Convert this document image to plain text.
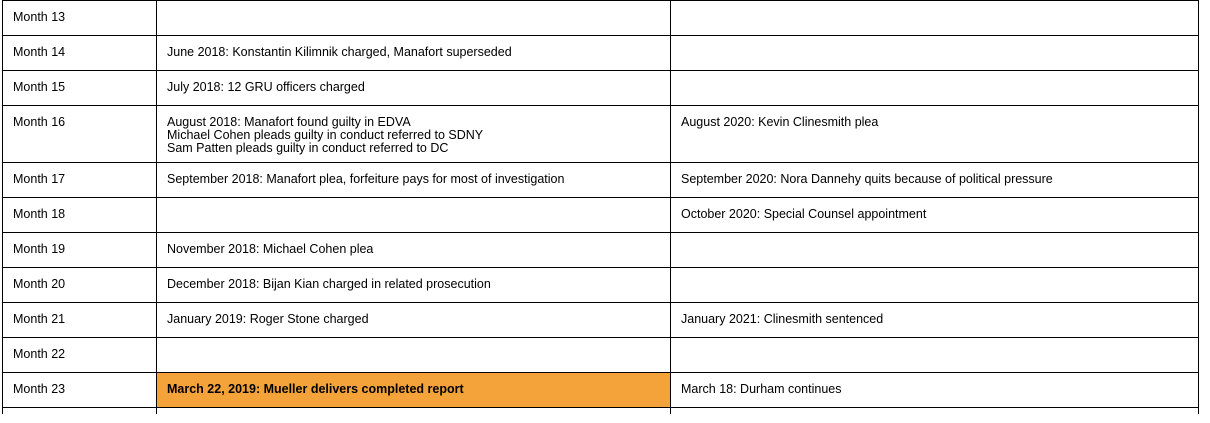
Month 13		

Month 14	June 2018: Konstantin Kilimnik charged, Manafort superseded	

Month 15	July 2018: 12 GRU officers charged	

Month 16	August 2018: Manafort found guilty in EDVA
Michael Cohen pleads guilty in conduct referred to SDNY
Sam Patten pleads guilty in conduct referred to DC	August 2020: Kevin Clinesmith plea

Month 17	September 2018: Manafort plea, forfeiture pays for most of investigation	September 2020: Nora Dannehy quits because of political pressure

Month 18		October 2020: Special Counsel appointment

Month 19	November 2018: Michael Cohen plea	

Month 20	December 2018: Bijan Kian charged in related prosecution	

Month 21	January 2019: Roger Stone charged	January 2021: Clinesmith sentenced

Month 22		

Month 23	March 22, 2019: Mueller delivers completed report	March 18: Durham continues
